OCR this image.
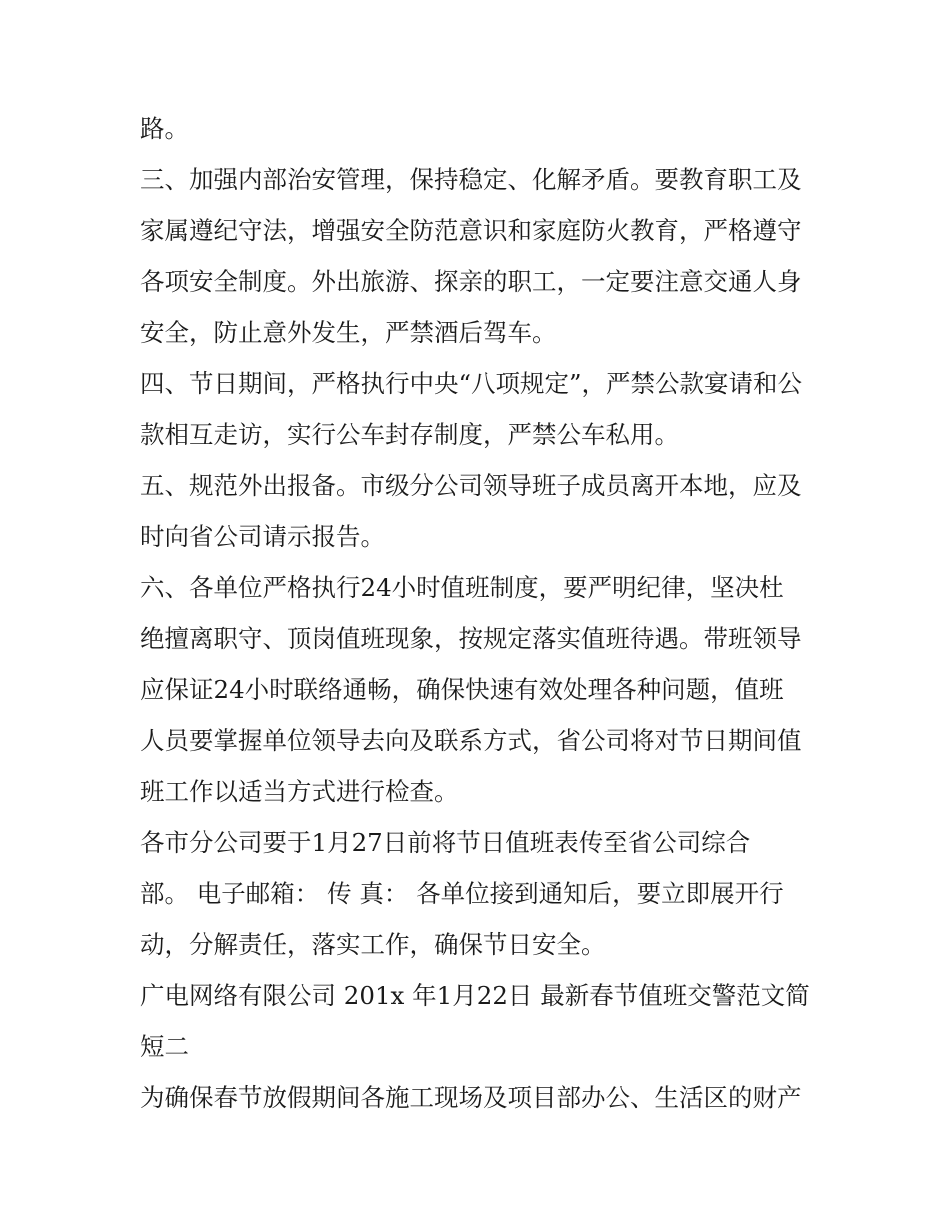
路。
三、加强内部治安管理，保持稳定、化解矛盾。要教育职工及
家属遵纪守法，增强安全防范意识和家庭防火教育，严格遵守
各项安全制度。外出旅游、探亲的职工，一定要注意交通人身
安全，防止意外发生，严禁酒后驾车。
四、节日期间，严格执行中央“八项规定”，严禁公款宴请和公
款相互走访，实行公车封存制度，严禁公车私用。
五、规范外出报备。市级分公司领导班子成员离开本地，应及
时向省公司请示报告。
六、各单位严格执行24小时值班制度，要严明纪律，坚决杜
绝擅离职守、顶岗值班现象，按规定落实值班待遇。带班领导
应保证24小时联络通畅，确保快速有效处理各种问题，值班
人员要掌握单位领导去向及联系方式，省公司将对节日期间值
班工作以适当方式进行检查。
各市分公司要于1月27日前将节日值班表传至省公司综合
部。 电子邮箱： 传 真： 各单位接到通知后，要立即展开行
动，分解责任，落实工作，确保节日安全。
广电网络有限公司 201x 年1月22日 最新春节值班交警范文简
短二
为确保春节放假期间各施工现场及项目部办公、生活区的财产
